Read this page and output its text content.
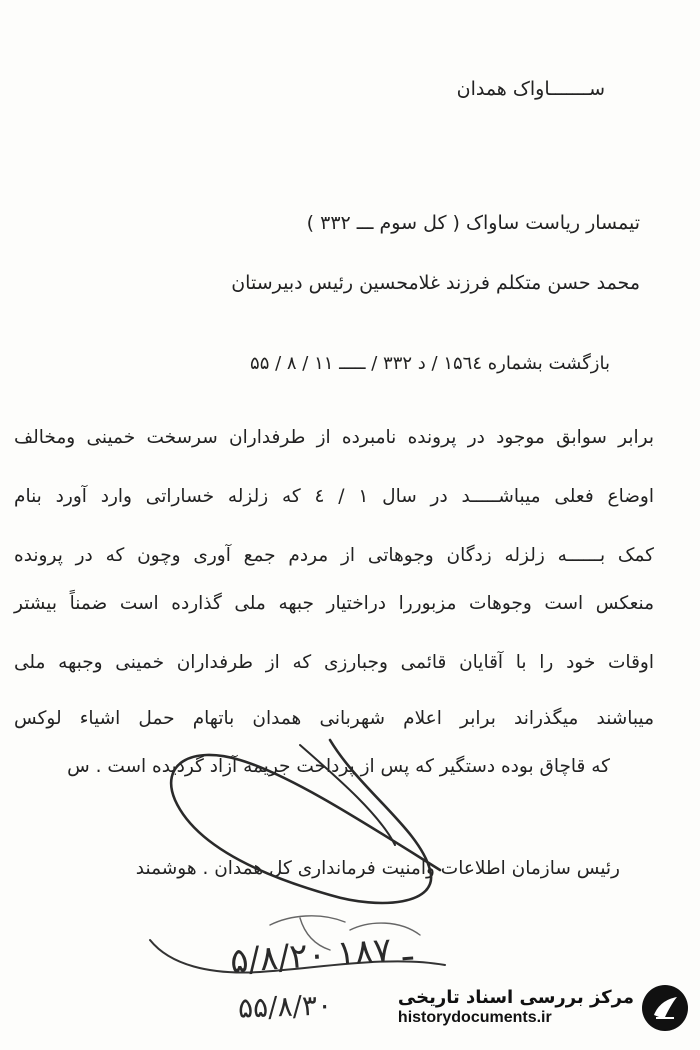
ســـــــاواک همدان
تیمسار ریاست ساواک ( کل سوم ـــ ۳۳۲ )
محمد حسن متکلم فرزند غلامحسین رئیس دبیرستان
بازگشت بشماره ۱۵٦٤ / د ۳۳۲ / ـــــ ۱۱ / ۸ / ۵۵
برابر سوابق موجود در پرونده نامبرده از طرفداران سرسخت خمینی ومخالف
اوضاع فعلی میباشـــــد در سال ۱ / ٤ که زلزله خساراتی وارد آورد بنام
کمک بــــــه زلزله زدگان وجوهاتی از مردم جمع آوری وچون که در پرونده
منعکس است وجوهات مزبوررا دراختیار جبهه ملی گذارده است ضمناً بیشتر
اوقات خود را با آقایان قائمی وجبارزی که از طرفداران خمینی وجبهه ملی
میباشند میگذراند برابر اعلام شهربانی همدان باتهام حمل اشیاء لوکس
که قاچاق بوده دستگیر که پس از پرداخت جریمه آزاد گردیده است . س
رئیس سازمان اطلاعات وامنیت فرمانداری کل همدان . هوشمند
۵/۸/۲۰ ـ ۱۸۷
۵۵/۸/۳۰	مرکز بررسی اسناد تاریخی
historydocuments.ir
